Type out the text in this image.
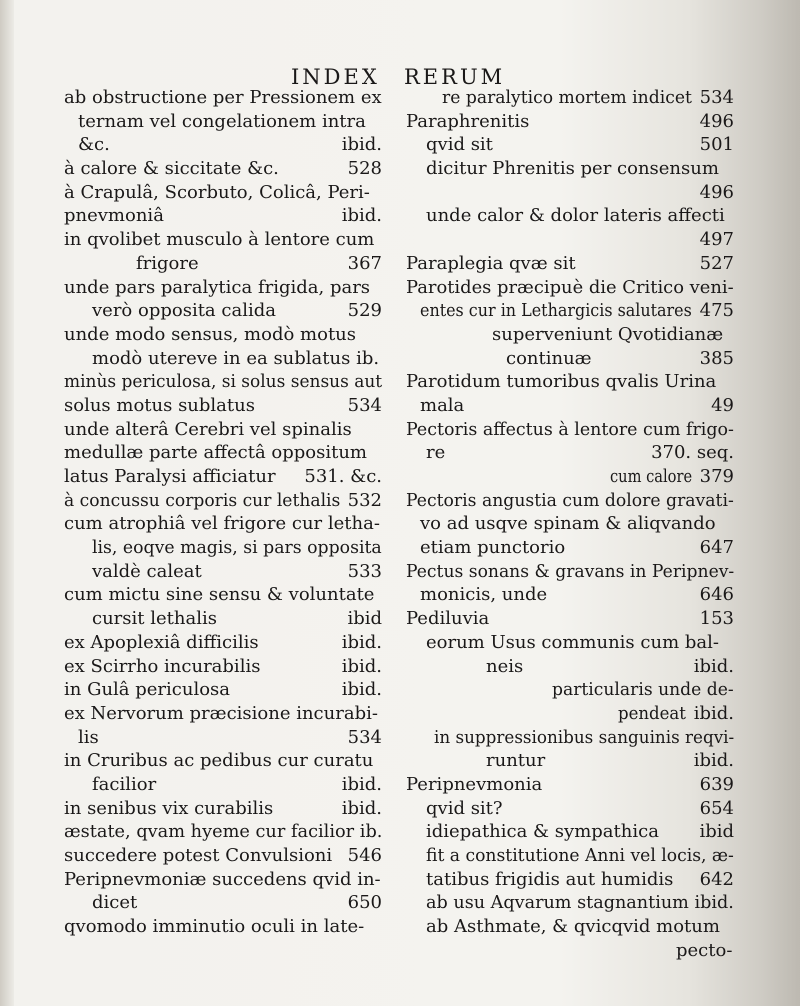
INDEX RERUM
ab obstructione per Pressionem ex
ternam vel congelationem intra
&c.	ibid.
à calore & siccitate &c.	528
à Crapulâ, Scorbuto, Colicâ, Peri-
pnevmoniâ	ibid.
in qvolibet musculo à lentore cum
frigore	367
unde pars paralytica frigida, pars
verò opposita calida	529
unde modo sensus, modò motus
modò utereve in ea sublatus ib.
minùs periculosa, si solus sensus aut
solus motus sublatus	534
unde alterâ Cerebri vel spinalis
medullæ parte affectâ oppositum
latus Paralysi afficiatur 531. &c.
à concussu corporis cur lethalis 532
cum atrophiâ vel frigore cur letha-
lis, eoqve magis, si pars opposita
valdè caleat	533
cum mictu sine sensu & voluntate
cursit lethalis	ibid
ex Apoplexiâ difficilis	ibid.
ex Scirrho incurabilis	ibid.
in Gulâ periculosa	ibid.
ex Nervorum præcisione incurabi-
lis	534
in Cruribus ac pedibus cur curatu
facilior	ibid.
in senibus vix curabilis	ibid.
æstate, qvam hyeme cur facilior ib.
succedere potest Convulsioni 546
Peripnevmoniæ succedens qvid in-
dicet	650
qvomodo imminutio oculi in late-
re paralytico mortem indicet 534
Paraphrenitis	496
qvid sit	501
dicitur Phrenitis per consensum
496
unde calor & dolor lateris affecti
497
Paraplegia qvæ sit	527
Parotides præcipuè die Critico veni-
entes cur in Lethargicis salutares 475
superveniunt Qvotidianæ
continuæ	385
Parotidum tumoribus qvalis Urina
mala	49
Pectoris affectus à lentore cum frigo-
re	370. seq.
cum calore 379
Pectoris angustia cum dolore gravati-
vo ad usqve spinam & aliqvando
etiam punctorio	647
Pectus sonans & gravans in Peripnev-
monicis, unde	646
Pediluvia	153
eorum Usus communis cum bal-
neis	ibid.
particularis unde de-
pendeat ibid.
in suppressionibus sanguinis reqvi-
runtur	ibid.
Peripnevmonia	639
qvid sit?	654
idiepathica & sympathica ibid
fit a constitutione Anni vel locis, æ-
tatibus frigidis aut humidis 642
ab usu Aqvarum stagnantium ibid.
ab Asthmate, & qvicqvid motum
pecto-
